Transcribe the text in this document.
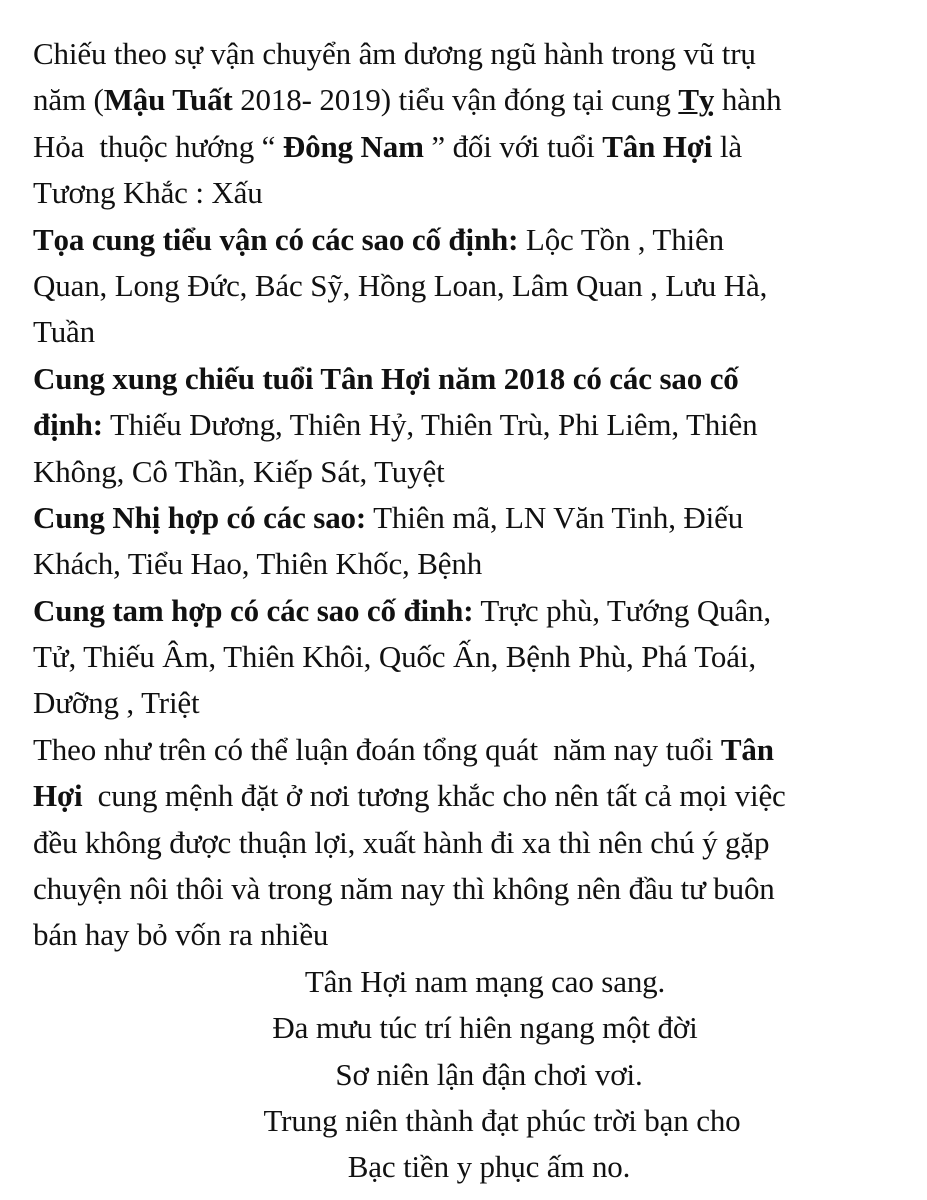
Chiếu theo sự vận chuyển âm dương ngũ hành trong vũ trụ
năm (Mậu Tuất 2018- 2019) tiểu vận đóng tại cung Tỵ hành
Hỏa  thuộc hướng “ Đông Nam ” đối với tuổi Tân Hợi là
Tương Khắc : Xấu
Tọa cung tiểu vận có các sao cố định: Lộc Tồn , Thiên
Quan, Long Đức, Bác Sỹ, Hồng Loan, Lâm Quan , Lưu Hà,
Tuần
Cung xung chiếu tuổi Tân Hợi năm 2018 có các sao cố
định: Thiếu Dương, Thiên Hỷ, Thiên Trù, Phi Liêm, Thiên
Không, Cô Thần, Kiếp Sát, Tuyệt
Cung Nhị hợp có các sao: Thiên mã, LN Văn Tinh, Điếu
Khách, Tiểu Hao, Thiên Khốc, Bệnh
Cung tam hợp có các sao cố đinh: Trực phù, Tướng Quân,
Tử, Thiếu Âm, Thiên Khôi, Quốc Ấn, Bệnh Phù, Phá Toái,
Dưỡng , Triệt
Theo như trên có thể luận đoán tổng quát  năm nay tuổi Tân
Hợi  cung mệnh đặt ở nơi tương khắc cho nên tất cả mọi việc
đều không được thuận lợi, xuất hành đi xa thì nên chú ý gặp
chuyện nôi thôi và trong năm nay thì không nên đầu tư buôn
bán hay bỏ vốn ra nhiều
Tân Hợi nam mạng cao sang.
Đa mưu túc trí hiên ngang một đời
Sơ niên lận đận chơi vơi.
Trung niên thành đạt phúc trời bạn cho
Bạc tiền y phục ấm no.
